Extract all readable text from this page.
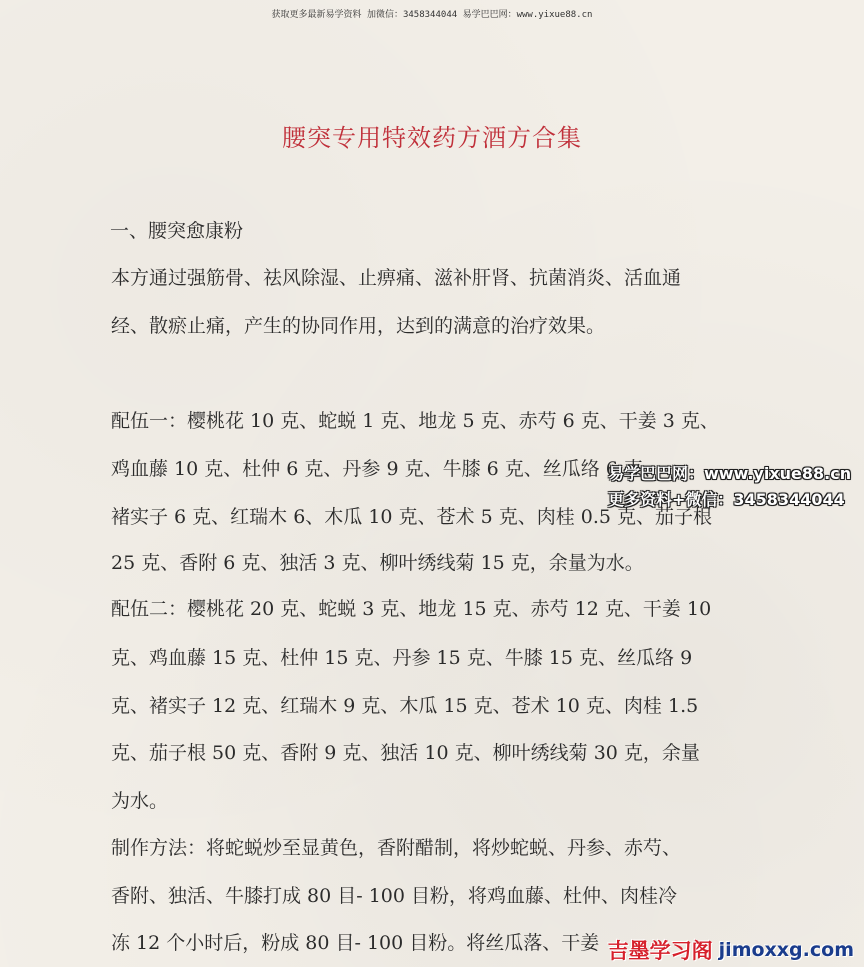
获取更多最新易学资料 加微信：3458344044 易学巴巴网：www.yixue88.cn
腰突专用特效药方酒方合集
一、腰突愈康粉
本方通过强筋骨、祛风除湿、止痹痛、滋补肝肾、抗菌消炎、活血通
经、散瘀止痛，产生的协同作用，达到的满意的治疗效果。
配伍一：樱桃花 10 克、蛇蜕 1 克、地龙 5 克、赤芍 6 克、干姜 3 克、
鸡血藤 10 克、杜仲 6 克、丹参 9 克、牛膝 6 克、丝瓜络 6 克、
褚实子 6 克、红瑞木 6、木瓜 10 克、苍术 5 克、肉桂 0.5 克、茄子根
25 克、香附 6 克、独活 3 克、柳叶绣线菊 15 克，余量为水。
配伍二：樱桃花 20 克、蛇蜕 3 克、地龙 15 克、赤芍 12 克、干姜 10
克、鸡血藤 15 克、杜仲 15 克、丹参 15 克、牛膝 15 克、丝瓜络 9
克、褚实子 12 克、红瑞木 9 克、木瓜 15 克、苍术 10 克、肉桂 1.5
克、茄子根 50 克、香附 9 克、独活 10 克、柳叶绣线菊 30 克，余量
为水。
制作方法：将蛇蜕炒至显黄色，香附醋制，将炒蛇蜕、丹参、赤芍、
香附、独活、牛膝打成 80 目- 100 目粉，将鸡血藤、杜仲、肉桂冷
冻 12 个小时后，粉成 80 目- 100 目粉。将丝瓜落、干姜
易学巴巴网：www.yixue88.cn
更多资料+微信：3458344044
吉墨学习阁 jimoxxg.com
